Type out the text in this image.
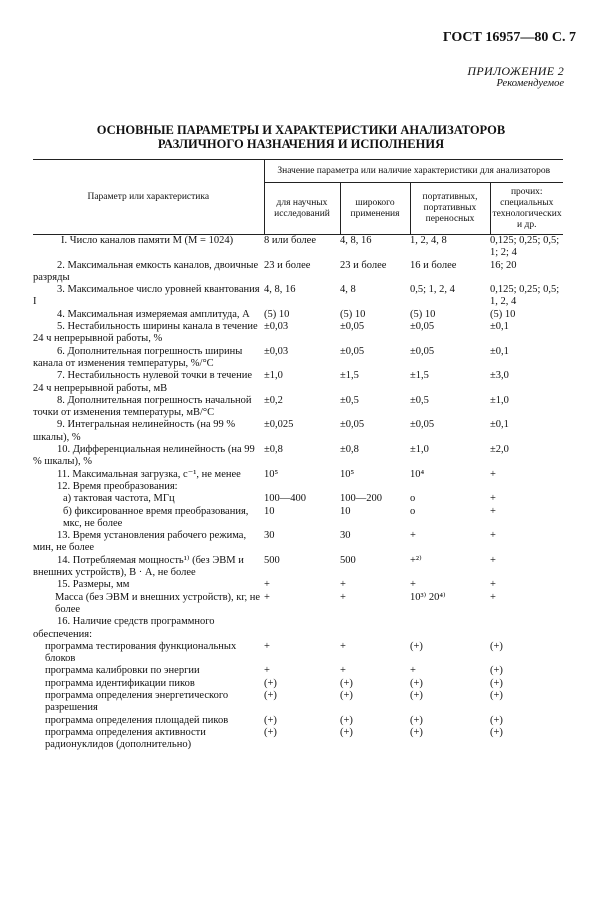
ГОСТ 16957—80 С. 7
ПРИЛОЖЕНИЕ 2
Рекомендуемое
ОСНОВНЫЕ ПАРАМЕТРЫ И ХАРАКТЕРИСТИКИ АНАЛИЗАТОРОВ
РАЗЛИЧНОГО НАЗНАЧЕНИЯ И ИСПОЛНЕНИЯ
Параметр или характеристика	Значение параметра или наличие характеристики для анализаторов			
	для научных исследований	широкого применения	портативных, портативных переносных	прочих: специальных технологических и др.
I. Число каналов памяти M (M = 1024)	8 или более	4, 8, 16	1, 2, 4, 8	0,125; 0,25; 0,5; 1; 2; 4
2. Максимальная емкость каналов, двоичные разряды	23 и более	23 и более	16 и более	16; 20
3. Максимальное число уровней квантования I	4, 8, 16	4, 8	0,5; 1, 2, 4	0,125; 0,25; 0,5; 1, 2, 4
4. Максимальная измеряемая амплитуда, A	(5) 10	(5) 10	(5) 10	(5) 10
5. Нестабильность ширины канала в течение 24 ч непрерывной работы, %	±0,03	±0,05	±0,05	±0,1
6. Дополнительная погрешность ширины канала от изменения температуры, %/°С	±0,03	±0,05	±0,05	±0,1
7. Нестабильность нулевой точки в течение 24 ч непрерывной работы, мВ	±1,0	±1,5	±1,5	±3,0
8. Дополнительная погрешность начальной точки от изменения температуры, мВ/°С	±0,2	±0,5	±0,5	±1,0
9. Интегральная нелинейность (на 99 % шкалы), %	±0,025	±0,05	±0,05	±0,1
10. Дифференциальная нелинейность (на 99 % шкалы), %	±0,8	±0,8	±1,0	±2,0
11. Максимальная загрузка, с⁻¹, не менее	10⁵	10⁵	10⁴	+
12. Время преобразования:				
а) тактовая частота, МГц	100—400	100—200	о	+
б) фиксированное время преобразования, мкс, не более	10	10	о	+
13. Время установления рабочего режима, мин, не более	30	30	+	+
14. Потребляемая мощность¹⁾ (без ЭВМ и внешних устройств), В · А, не более	500	500	+²⁾	+
15. Размеры, мм	+	+	+	+
Масса (без ЭВМ и внешних устройств), кг, не более	+	+	10³⁾ 20⁴⁾	+
16. Наличие средств программного обеспечения:				
программа тестирования функциональных блоков	+	+	(+)	(+)
программа калибровки по энергии	+	+	+	(+)
программа идентификации пиков	(+)	(+)	(+)	(+)
программа определения энергетического разрешения	(+)	(+)	(+)	(+)
программа определения площадей пиков	(+)	(+)	(+)	(+)
программа определения активности радионуклидов (дополнительно)	(+)	(+)	(+)	(+)
